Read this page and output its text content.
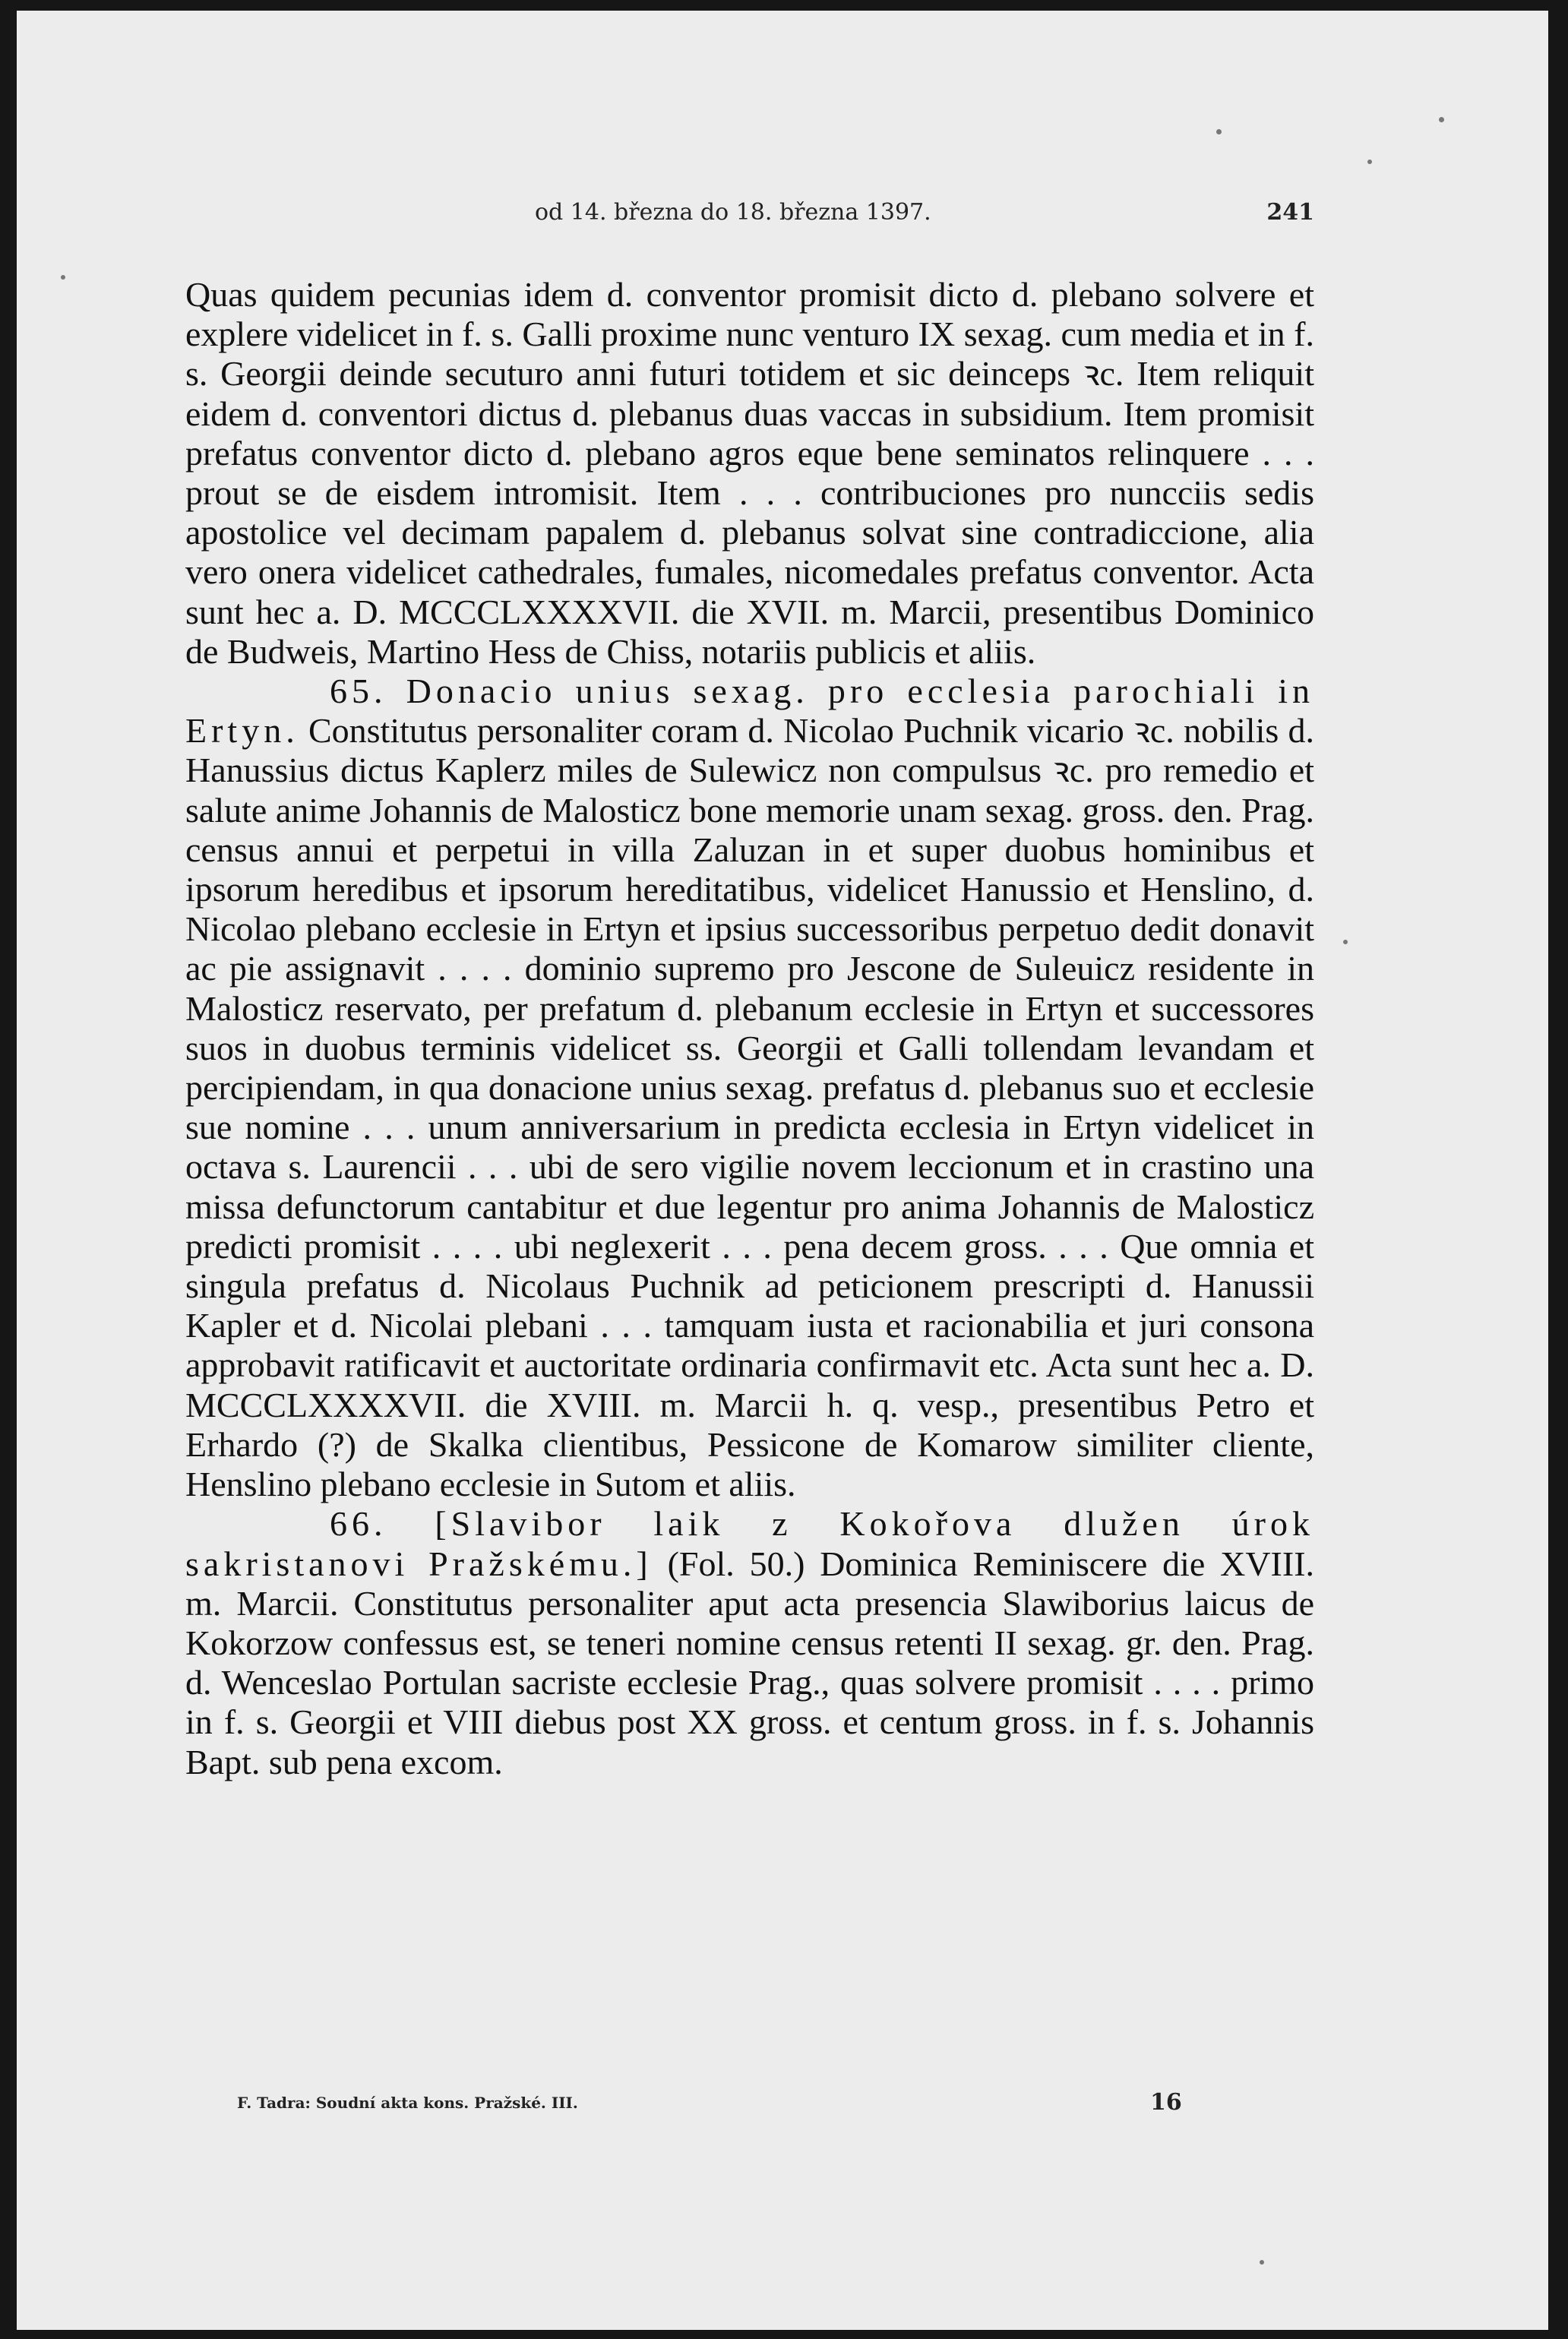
od 14. března do 18. března 1397.	241

Quas quidem pecunias idem d. conventor promisit dicto d. plebano solvere et explere videlicet in f. s. Galli proxime nunc venturo IX sexag. cum media et in f. s. Georgii deinde secuturo anni futuri totidem et sic deinceps ꝛc. Item reliquit eidem d. conventori dictus d. plebanus duas vaccas in subsidium. Item promisit prefatus conventor dicto d. plebano agros eque bene seminatos relinquere . . . prout se de eisdem intromisit. Item . . . contribuciones pro nuncciis sedis apostolice vel decimam papalem d. plebanus solvat sine contradiccione, alia vero onera videlicet cathedrales, fumales, nicomedales prefatus conventor. Acta sunt hec a. D. MCCCLXXXXVII. die XVII. m. Marcii, presentibus Dominico de Budweis, Martino Hess de Chiss, notariis publicis et aliis.

65. Donacio unius sexag. pro ecclesia parochiali in Ertyn. Constitutus personaliter coram d. Nicolao Puchnik vicario ꝛc. nobilis d. Hanussius dictus Kaplerz miles de Sulewicz non compulsus ꝛc. pro remedio et salute anime Johannis de Malosticz bone memorie unam sexag. gross. den. Prag. census annui et perpetui in villa Zaluzan in et super duobus hominibus et ipsorum heredibus et ipsorum hereditatibus, videlicet Hanussio et Henslino, d. Nicolao plebano ecclesie in Ertyn et ipsius successoribus perpetuo dedit donavit ac pie assignavit . . . . dominio supremo pro Jescone de Suleuicz residente in Malosticz reservato, per prefatum d. plebanum ecclesie in Ertyn et successores suos in duobus terminis videlicet ss. Georgii et Galli tollendam levandam et percipiendam, in qua donacione unius sexag. prefatus d. plebanus suo et ecclesie sue nomine . . . unum anniversarium in predicta ecclesia in Ertyn videlicet in octava s. Laurencii . . . ubi de sero vigilie novem leccionum et in crastino una missa defunctorum cantabitur et due legentur pro anima Johannis de Malosticz predicti promisit . . . . ubi neglexerit . . . pena decem gross. . . . Que omnia et singula prefatus d. Nicolaus Puchnik ad peticionem prescripti d. Hanussii Kapler et d. Nicolai plebani . . . tamquam iusta et racionabilia et juri consona approbavit ratificavit et auctoritate ordinaria confirmavit etc. Acta sunt hec a. D. MCCCLXXXXVII. die XVIII. m. Marcii h. q. vesp., presentibus Petro et Erhardo (?) de Skalka clientibus, Pessicone de Komarow similiter cliente, Henslino plebano ecclesie in Sutom et aliis.

66. [Slavibor laik z Kokořova dlužen úrok sakristanovi Pražskému.] (Fol. 50.) Dominica Reminiscere die XVIII. m. Marcii. Constitutus personaliter aput acta presencia Slawiborius laicus de Kokorzow confessus est, se teneri nomine census retenti II sexag. gr. den. Prag. d. Wenceslao Portulan sacriste ecclesie Prag., quas solvere promisit . . . . primo in f. s. Georgii et VIII diebus post XX gross. et centum gross. in f. s. Johannis Bapt. sub pena excom.

F. Tadra: Soudní akta kons. Pražské. III.	16
